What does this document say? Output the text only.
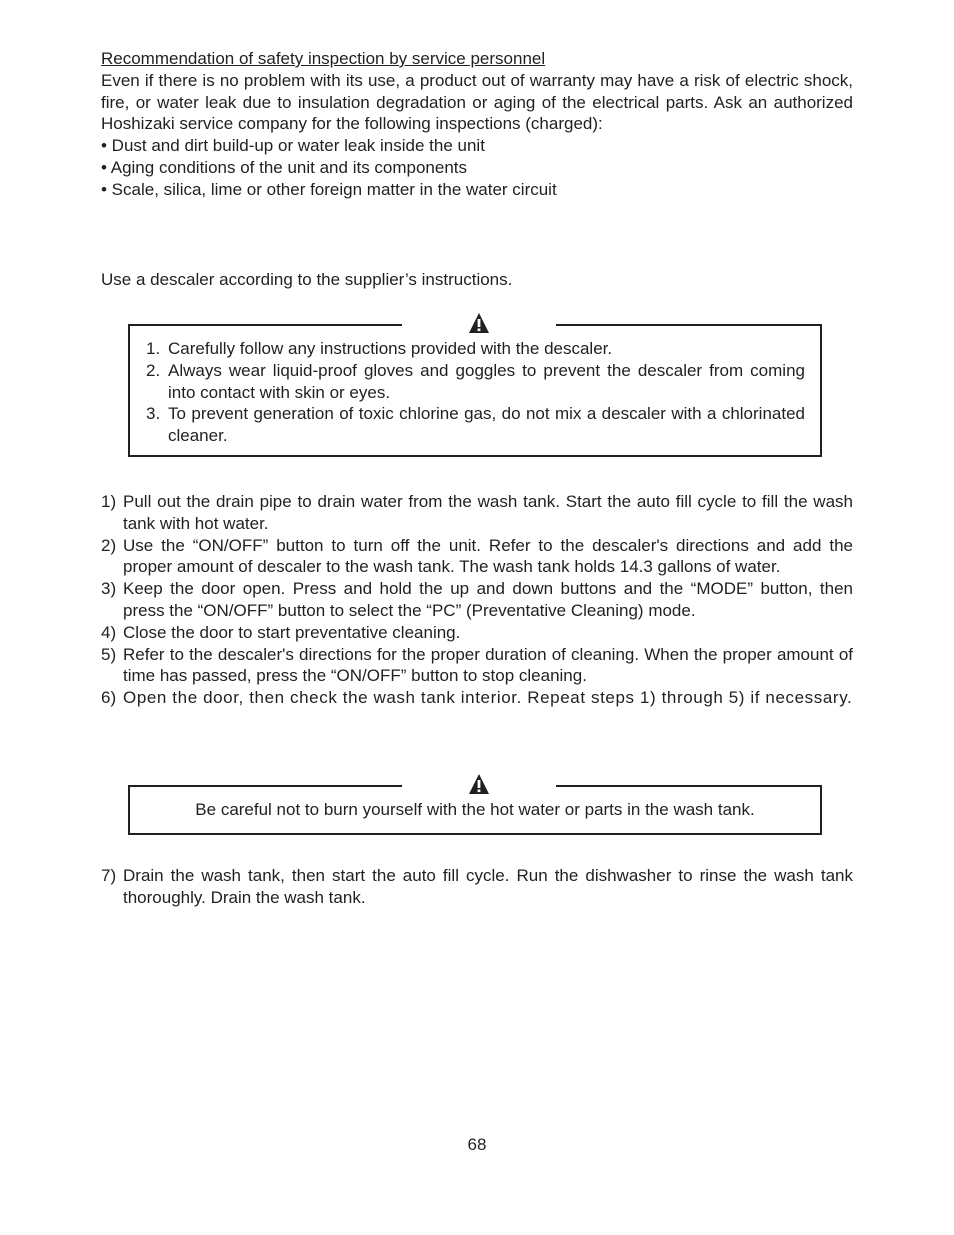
Recommendation of safety inspection by service personnel
Even if there is no problem with its use, a product out of warranty may have a risk of electric shock, fire, or water leak due to insulation degradation or aging of the electrical parts. Ask an authorized Hoshizaki service company for the following inspections (charged):
• Dust and dirt build-up or water leak inside the unit
• Aging conditions of the unit and its components
• Scale, silica, lime or other foreign matter in the water circuit
Use a descaler according to the supplier’s instructions.
1. Carefully follow any instructions provided with the descaler.
2. Always wear liquid-proof gloves and goggles to prevent the descaler from coming into contact with skin or eyes.
3. To prevent generation of toxic chlorine gas, do not mix a descaler with a chlorinated cleaner.
1) Pull out the drain pipe to drain water from the wash tank. Start the auto fill cycle to fill the wash tank with hot water.
2) Use the “ON/OFF” button to turn off the unit. Refer to the descaler's directions and add the proper amount of descaler to the wash tank. The wash tank holds 14.3 gallons of water.
3) Keep the door open. Press and hold the up and down buttons and the “MODE” button, then press the “ON/OFF” button to select the “PC” (Preventative Cleaning) mode.
4) Close the door to start preventative cleaning.
5) Refer to the descaler's directions for the proper duration of cleaning. When the proper amount of time has passed, press the “ON/OFF” button to stop cleaning.
6) Open the door, then check the wash tank interior. Repeat steps 1) through 5) if necessary.
Be careful not to burn yourself with the hot water or parts in the wash tank.
7) Drain the wash tank, then start the auto fill cycle. Run the dishwasher to rinse the wash tank thoroughly. Drain the wash tank.
68
